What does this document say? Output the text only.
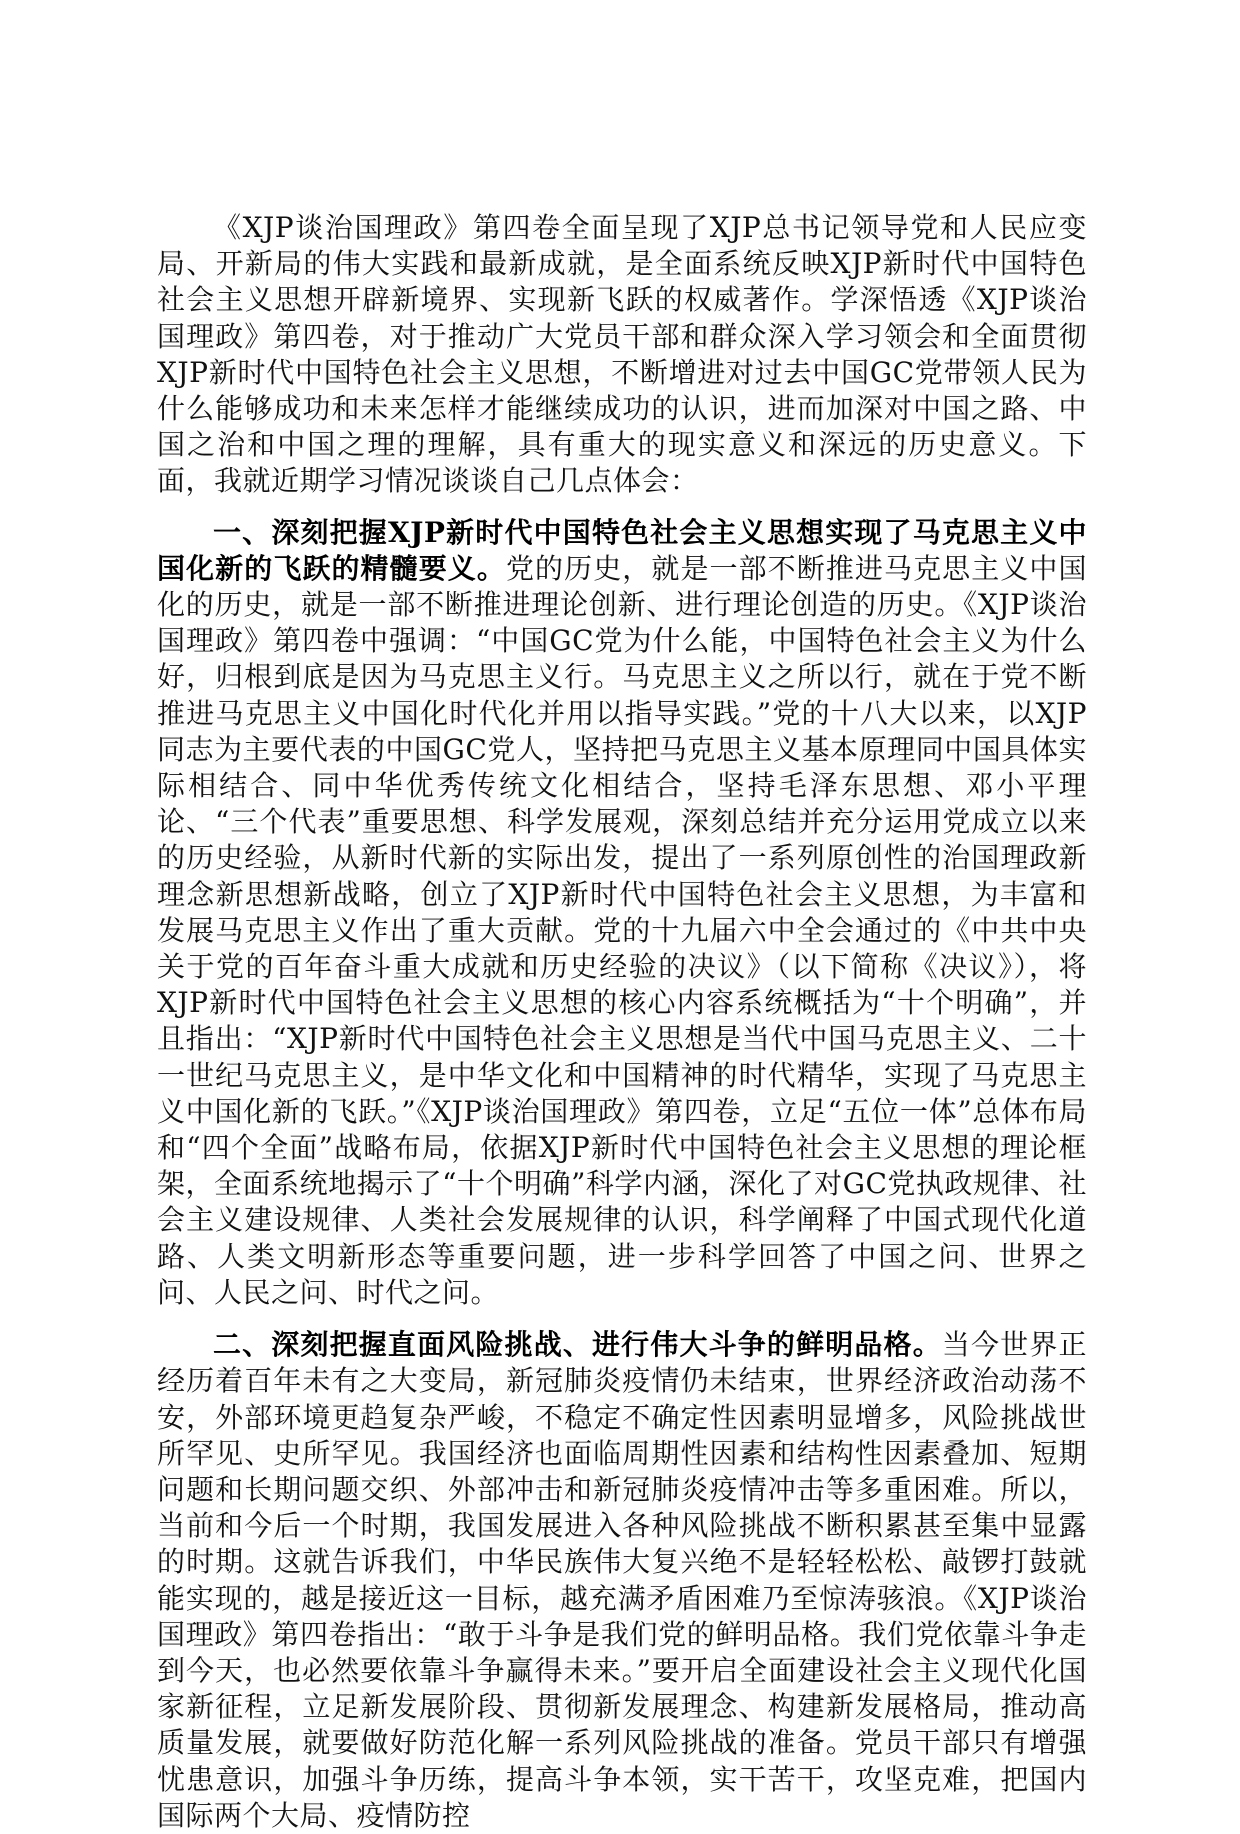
《XJP谈治国理政》第四卷全面呈现了XJP总书记领导党和人民应变局、开新局的伟大实践和最新成就，是全面系统反映XJP新时代中国特色社会主义思想开辟新境界、实现新飞跃的权威著作。学深悟透《XJP谈治国理政》第四卷，对于推动广大党员干部和群众深入学习领会和全面贯彻XJP新时代中国特色社会主义思想，不断增进对过去中国GC党带领人民为什么能够成功和未来怎样才能继续成功的认识，进而加深对中国之路、中国之治和中国之理的理解，具有重大的现实意义和深远的历史意义。下面，我就近期学习情况谈谈自己几点体会：

一、深刻把握XJP新时代中国特色社会主义思想实现了马克思主义中国化新的飞跃的精髓要义。党的历史，就是一部不断推进马克思主义中国化的历史，就是一部不断推进理论创新、进行理论创造的历史。《XJP谈治国理政》第四卷中强调：“中国GC党为什么能，中国特色社会主义为什么好，归根到底是因为马克思主义行。马克思主义之所以行，就在于党不断推进马克思主义中国化时代化并用以指导实践。”党的十八大以来，以XJP同志为主要代表的中国GC党人，坚持把马克思主义基本原理同中国具体实际相结合、同中华优秀传统文化相结合，坚持毛泽东思想、邓小平理论、“三个代表”重要思想、科学发展观，深刻总结并充分运用党成立以来的历史经验，从新时代新的实际出发，提出了一系列原创性的治国理政新理念新思想新战略，创立了XJP新时代中国特色社会主义思想，为丰富和发展马克思主义作出了重大贡献。党的十九届六中全会通过的《中共中央关于党的百年奋斗重大成就和历史经验的决议》（以下简称《决议》），将XJP新时代中国特色社会主义思想的核心内容系统概括为“十个明确”，并且指出：“XJP新时代中国特色社会主义思想是当代中国马克思主义、二十一世纪马克思主义，是中华文化和中国精神的时代精华，实现了马克思主义中国化新的飞跃。”《XJP谈治国理政》第四卷，立足“五位一体”总体布局和“四个全面”战略布局，依据XJP新时代中国特色社会主义思想的理论框架，全面系统地揭示了“十个明确”科学内涵，深化了对GC党执政规律、社会主义建设规律、人类社会发展规律的认识，科学阐释了中国式现代化道路、人类文明新形态等重要问题，进一步科学回答了中国之问、世界之问、人民之问、时代之问。

二、深刻把握直面风险挑战、进行伟大斗争的鲜明品格。当今世界正经历着百年未有之大变局，新冠肺炎疫情仍未结束，世界经济政治动荡不安，外部环境更趋复杂严峻，不稳定不确定性因素明显增多，风险挑战世所罕见、史所罕见。我国经济也面临周期性因素和结构性因素叠加、短期问题和长期问题交织、外部冲击和新冠肺炎疫情冲击等多重困难。所以，当前和今后一个时期，我国发展进入各种风险挑战不断积累甚至集中显露的时期。这就告诉我们，中华民族伟大复兴绝不是轻轻松松、敲锣打鼓就能实现的，越是接近这一目标，越充满矛盾困难乃至惊涛骇浪。《XJP谈治国理政》第四卷指出：“敢于斗争是我们党的鲜明品格。我们党依靠斗争走到今天，也必然要依靠斗争赢得未来。”要开启全面建设社会主义现代化国家新征程，立足新发展阶段、贯彻新发展理念、构建新发展格局，推动高质量发展，就要做好防范化解一系列风险挑战的准备。党员干部只有增强忧患意识，加强斗争历练，提高斗争本领，实干苦干，攻坚克难，把国内国际两个大局、疫情防控
